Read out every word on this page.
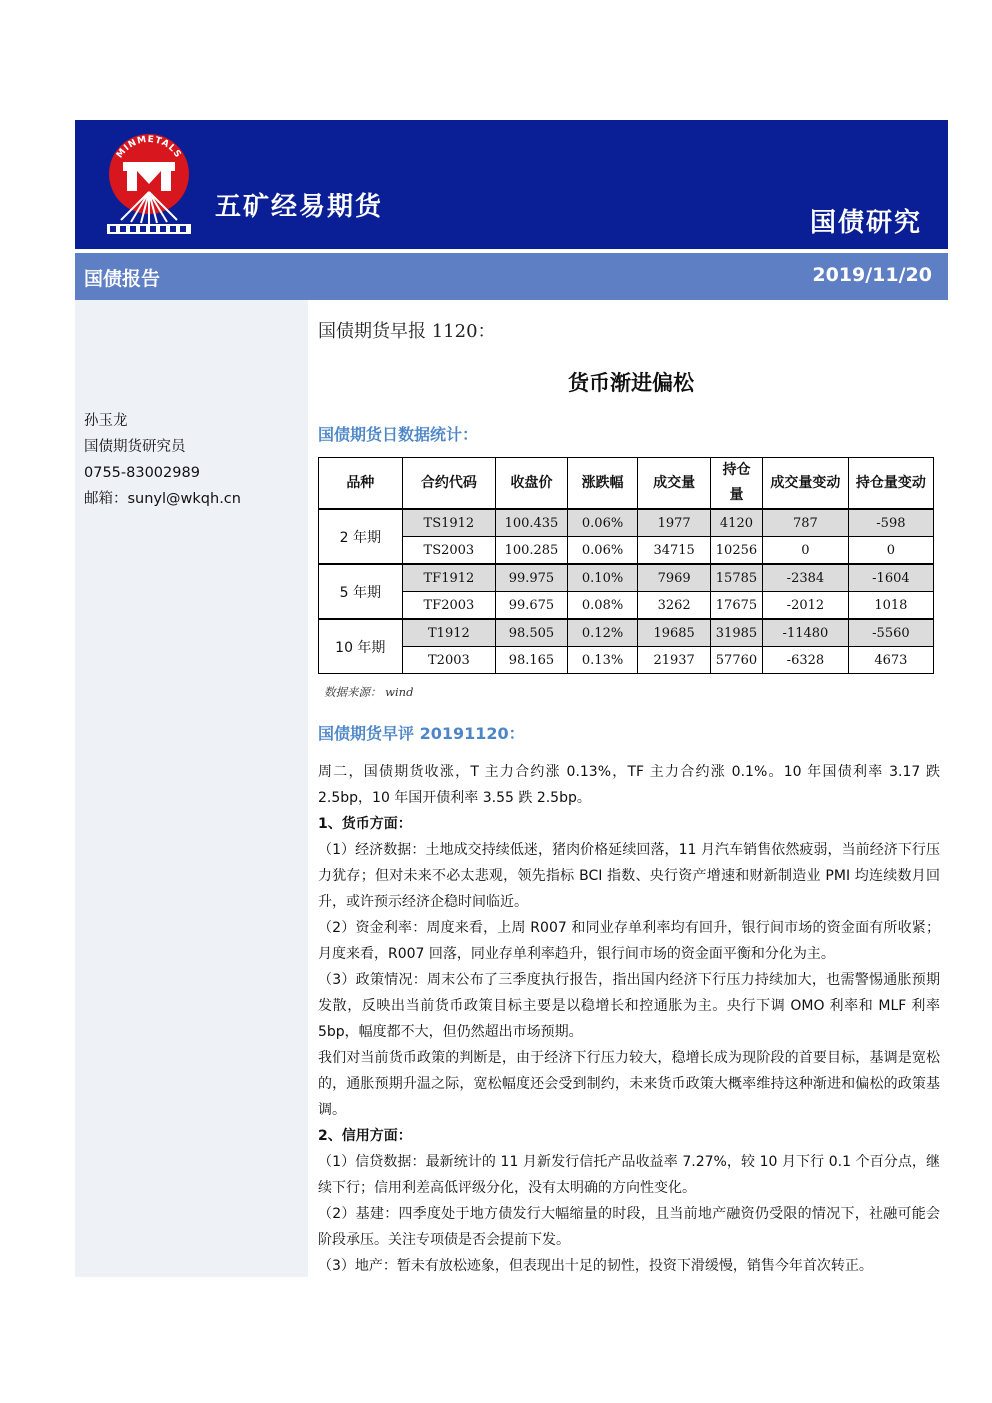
MINMETALS
五矿经易期货
国债研究
国债报告	2019/11/20
孙玉龙
国债期货研究员
0755-83002989
邮箱：sunyl@wkqh.cn
国债期货早报 1120：
货币渐进偏松
国债期货日数据统计：
品种	合约代码	收盘价	涨跌幅	成交量	持仓量	成交量变动	持仓量变动
2 年期	TS1912	100.435	0.06%	1977	4120	787	-598
	TS2003	100.285	0.06%	34715	10256	0	0
5 年期	TF1912	99.975	0.10%	7969	15785	-2384	-1604
	TF2003	99.675	0.08%	3262	17675	-2012	1018
10 年期	T1912	98.505	0.12%	19685	31985	-11480	-5560
	T2003	98.165	0.13%	21937	57760	-6328	4673
数据来源： wind
国债期货早评 20191120：

周二，国债期货收涨，T 主力合约涨 0.13%，TF 主力合约涨 0.1%。10 年国债利率 3.17 跌 2.5bp，10 年国开债利率 3.55 跌 2.5bp。

1、货币方面：

（1）经济数据：土地成交持续低迷，猪肉价格延续回落，11 月汽车销售依然疲弱，当前经济下行压力犹存；但对未来不必太悲观，领先指标 BCI 指数、央行资产增速和财新制造业 PMI 均连续数月回升，或许预示经济企稳时间临近。

（2）资金利率：周度来看，上周 R007 和同业存单利率均有回升，银行间市场的资金面有所收紧；月度来看，R007 回落，同业存单利率趋升，银行间市场的资金面平衡和分化为主。

（3）政策情况：周末公布了三季度执行报告，指出国内经济下行压力持续加大，也需警惕通胀预期发散，反映出当前货币政策目标主要是以稳增长和控通胀为主。央行下调 OMO 利率和 MLF 利率 5bp，幅度都不大，但仍然超出市场预期。

我们对当前货币政策的判断是，由于经济下行压力较大，稳增长成为现阶段的首要目标，基调是宽松的，通胀预期升温之际，宽松幅度还会受到制约，未来货币政策大概率维持这种渐进和偏松的政策基调。

2、信用方面：

（1）信贷数据：最新统计的 11 月新发行信托产品收益率 7.27%，较 10 月下行 0.1 个百分点，继续下行；信用利差高低评级分化，没有太明确的方向性变化。

（2）基建：四季度处于地方债发行大幅缩量的时段，且当前地产融资仍受限的情况下，社融可能会阶段承压。关注专项债是否会提前下发。

（3）地产：暂未有放松迹象，但表现出十足的韧性，投资下滑缓慢，销售今年首次转正。
